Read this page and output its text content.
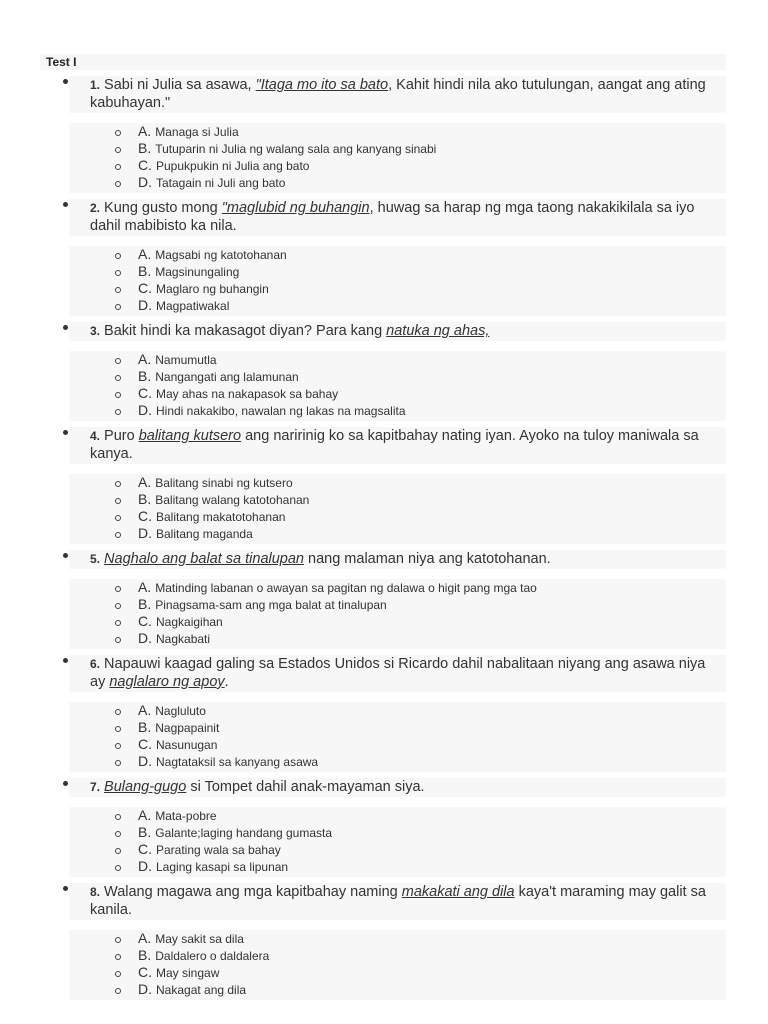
Test I
1. Sabi ni Julia sa asawa, "Itaga mo ito sa bato, Kahit hindi nila ako tutulungan, aangat ang ating kabuhayan."
A. Managa si Julia
B. Tutuparin ni Julia ng walang sala ang kanyang sinabi
C. Pupukpukin ni Julia ang bato
D. Tatagain ni Juli ang bato
2. Kung gusto mong "maglubid ng buhangin, huwag sa harap ng mga taong nakakikilala sa iyo dahil mabibisto ka nila.
A. Magsabi ng katotohanan
B. Magsinungaling
C. Maglaro ng buhangin
D. Magpatiwakal
3. Bakit hindi ka makasagot diyan? Para kang natuka ng ahas,
A. Namumutla
B. Nangangati ang lalamunan
C. May ahas na nakapasok sa bahay
D. Hindi nakakibo, nawalan ng lakas na magsalita
4. Puro balitang kutsero ang naririnig ko sa kapitbahay nating iyan. Ayoko na tuloy maniwala sa kanya.
A. Balitang sinabi ng kutsero
B. Balitang walang katotohanan
C. Balitang makatotohanan
D. Balitang maganda
5. Naghalo ang balat sa tinalupan nang malaman niya ang katotohanan.
A. Matinding labanan o awayan sa pagitan ng dalawa o higit pang mga tao
B. Pinagsama-sam ang mga balat at tinalupan
C. Nagkaigihan
D. Nagkabati
6. Napauwi kaagad galing sa Estados Unidos si Ricardo dahil nabalitaan niyang ang asawa niya ay naglalaro ng apoy.
A. Nagluluto
B. Nagpapainit
C. Nasunugan
D. Nagtataksil sa kanyang asawa
7. Bulang-gugo si Tompet dahil anak-mayaman siya.
A. Mata-pobre
B. Galante;laging handang gumasta
C. Parating wala sa bahay
D. Laging kasapi sa lipunan
8. Walang magawa ang mga kapitbahay naming makakati ang dila kaya't maraming may galit sa kanila.
A. May sakit sa dila
B. Daldalero o daldalera
C. May singaw
D. Nakagat ang dila
